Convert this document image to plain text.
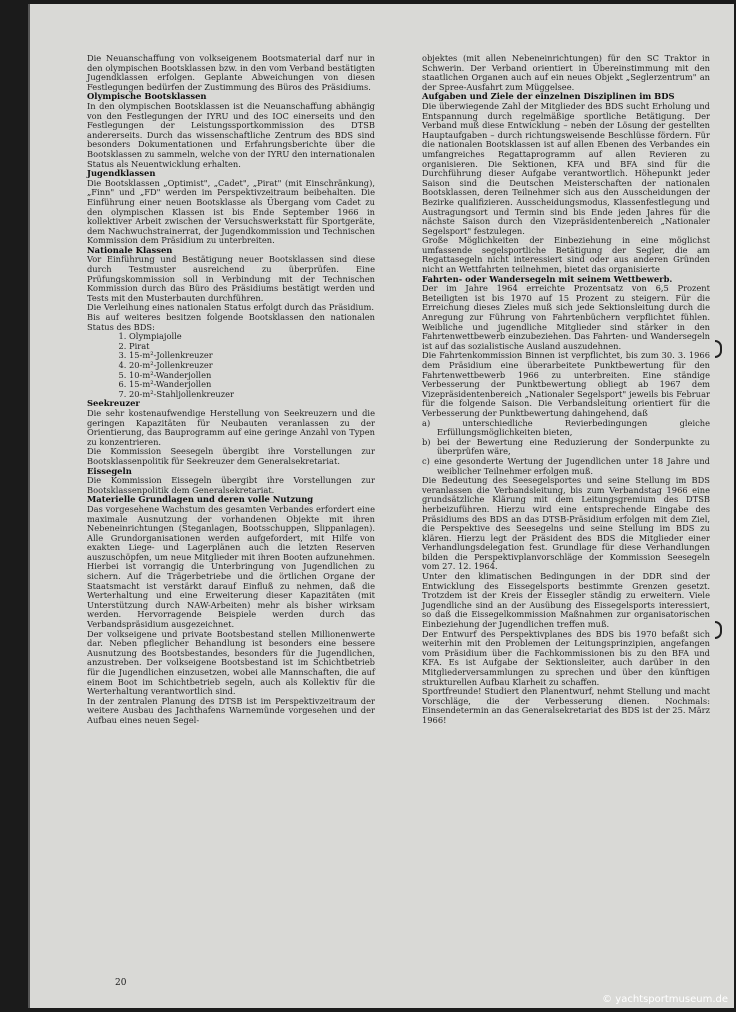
Die Neuanschaffung von volkseigenem Bootsmaterial darf nur in den olympischen Bootsklassen bzw. in den vom Verband bestätigten Jugendklassen erfolgen. Geplante Abweichungen von diesen Festlegungen bedürfen der Zustimmung des Büros des Präsidiums.

Olympische Bootsklassen

In den olympischen Bootsklassen ist die Neuanschaffung abhängig von den Festlegungen der IYRU und des IOC einerseits und den Festlegungen der Leistungssportkommission des DTSB andererseits. Durch das wissenschaftliche Zentrum des BDS sind besonders Dokumentationen und Erfahrungsberichte über die Bootsklassen zu sammeln, welche von der IYRU den internationalen Status als Neuentwicklung erhalten.

Jugendklassen

Die Bootsklassen „Optimist", „Cadet", „Pirat" (mit Einschränkung), „Finn" und „FD" werden im Perspektivzeitraum beibehalten. Die Einführung einer neuen Bootsklasse als Übergang vom Cadet zu den olympischen Klassen ist bis Ende September 1966 in kollektiver Arbeit zwischen der Versuchswerkstatt für Sportgeräte, dem Nachwuchstrainerrat, der Jugendkommission und Technischen Kommission dem Präsidium zu unterbreiten.

Nationale Klassen

Vor Einführung und Bestätigung neuer Bootsklassen sind diese durch Testmuster ausreichend zu überprüfen. Eine Prüfungskommission soll in Verbindung mit der Technischen Kommission durch das Büro des Präsidiums bestätigt werden und Tests mit den Musterbauten durchführen.

Die Verleihung eines nationalen Status erfolgt durch das Präsidium.

Bis auf weiteres besitzen folgende Bootsklassen den nationalen Status des BDS:

1. Olympiajolle
2. Pirat
3. 15-m²-Jollenkreuzer
4. 20-m²-Jollenkreuzer
5. 10-m²-Wanderjollen
6. 15-m²-Wanderjollen
7. 20-m²-Stahljollenkreuzer
Seekreuzer

Die sehr kostenaufwendige Herstellung von Seekreuzern und die geringen Kapazitäten für Neubauten veranlassen zu der Orientierung, das Bauprogramm auf eine geringe Anzahl von Typen zu konzentrieren.

Die Kommission Seesegeln übergibt ihre Vorstellungen zur Bootsklassenpolitik für Seekreuzer dem Generalsekretariat.

Eissegeln

Die Kommission Eissegeln übergibt ihre Vorstellungen zur Bootsklassenpolitik dem Generalsekretariat.

Materielle Grundlagen und deren volle Nutzung

Das vorgesehene Wachstum des gesamten Verbandes erfordert eine maximale Ausnutzung der vorhandenen Objekte mit ihren Nebeneinrichtungen (Steganlagen, Bootsschuppen, Slippanlagen). Alle Grundorganisationen werden aufgefordert, mit Hilfe von exakten Liege- und Lagerplänen auch die letzten Reserven auszuschöpfen, um neue Mitglieder mit ihren Booten aufzunehmen. Hierbei ist vorrangig die Unterbringung von Jugendlichen zu sichern. Auf die Trägerbetriebe und die örtlichen Organe der Staatsmacht ist verstärkt darauf Einfluß zu nehmen, daß die Werterhaltung und eine Erweiterung dieser Kapazitäten (mit Unterstützung durch NAW-Arbeiten) mehr als bisher wirksam werden. Hervorragende Beispiele werden durch das Verbandspräsidium ausgezeichnet.

Der volkseigene und private Bootsbestand stellen Millionenwerte dar. Neben pfleglicher Behandlung ist besonders eine bessere Ausnutzung des Bootsbestandes, besonders für die Jugendlichen, anzustreben. Der volkseigene Bootsbestand ist im Schichtbetrieb für die Jugendlichen einzusetzen, wobei alle Mannschaften, die auf einem Boot im Schichtbetrieb segeln, auch als Kollektiv für die Werterhaltung verantwortlich sind.

In der zentralen Planung des DTSB ist im Perspektivzeitraum der weitere Ausbau des Jachthafens Warnemünde vorgesehen und der Aufbau eines neuen Segel-

objektes (mit allen Nebeneinrichtungen) für den SC Traktor in Schwerin. Der Verband orientiert in Übereinstimmung mit den staatlichen Organen auch auf ein neues Objekt „Seglerzentrum" an der Spree-Ausfahrt zum Müggelsee.

Aufgaben und Ziele der einzelnen Disziplinen im BDS

Die überwiegende Zahl der Mitglieder des BDS sucht Erholung und Entspannung durch regelmäßige sportliche Betätigung. Der Verband muß diese Entwicklung – neben der Lösung der gestellten Hauptaufgaben – durch richtungsweisende Beschlüsse fördern. Für die nationalen Bootsklassen ist auf allen Ebenen des Verbandes ein umfangreiches Regattaprogramm auf allen Revieren zu organisieren. Die Sektionen, KFA und BFA sind für die Durchführung dieser Aufgabe verantwortlich. Höhepunkt jeder Saison sind die Deutschen Meisterschaften der nationalen Bootsklassen, deren Teilnehmer sich aus den Ausscheidungen der Bezirke qualifizieren. Ausscheidungsmodus, Klassenfestlegung und Austragungsort und Termin sind bis Ende jeden Jahres für die nächste Saison durch den Vizepräsidentenbereich „Nationaler Segelsport" festzulegen.

Große Möglichkeiten der Einbeziehung in eine möglichst umfassende segelsportliche Betätigung der Segler, die am Regattasegeln nicht interessiert sind oder aus anderen Gründen nicht an Wettfahrten teilnehmen, bietet das organisierte

Fahrten- oder Wandersegeln mit seinem Wettbewerb.

Der im Jahre 1964 erreichte Prozentsatz von 6,5 Prozent Beteiligten ist bis 1970 auf 15 Prozent zu steigern. Für die Erreichung dieses Zieles muß sich jede Sektionsleitung durch die Anregung zur Führung von Fahrtenbüchern verpflichtet fühlen. Weibliche und jugendliche Mitglieder sind stärker in den Fahrtenwettbewerb einzubeziehen. Das Fahrten- und Wandersegeln ist auf das sozialistische Ausland auszudehnen.

Die Fahrtenkommission Binnen ist verpflichtet, bis zum 30. 3. 1966 dem Präsidium eine überarbeitete Punktbewertung für den Fahrtenwettbewerb 1966 zu unterbreiten. Eine ständige Verbesserung der Punktbewertung obliegt ab 1967 dem Vizepräsidentenbereich „Nationaler Segelsport" jeweils bis Februar für die folgende Saison. Die Verbandsleitung orientiert für die Verbesserung der Punktbewertung dahingehend, daß

a) unterschiedliche Revierbedingungen gleiche Erfüllungsmöglichkeiten bieten,
b) bei der Bewertung eine Reduzierung der Sonderpunkte zu überprüfen wäre,
c) eine gesonderte Wertung der Jugendlichen unter 18 Jahre und weiblicher Teilnehmer erfolgen muß.

Die Bedeutung des Seesegelsportes und seine Stellung im BDS veranlassen die Verbandsleitung, bis zum Verbandstag 1966 eine grundsätzliche Klärung mit dem Leitungsgremium des DTSB herbeizuführen. Hierzu wird eine entsprechende Eingabe des Präsidiums des BDS an das DTSB-Präsidium erfolgen mit dem Ziel, die Perspektive des Seesegelns und seine Stellung im BDS zu klären. Hierzu legt der Präsident des BDS die Mitglieder einer Verhandlungsdelegation fest. Grundlage für diese Verhandlungen bilden die Perspektivplanvorschläge der Kommission Seesegeln vom 27. 12. 1964.

Unter den klimatischen Bedingungen in der DDR sind der Entwicklung des Eissegelsports bestimmte Grenzen gesetzt. Trotzdem ist der Kreis der Eissegler ständig zu erweitern. Viele Jugendliche sind an der Ausübung des Eissegelsports interessiert, so daß die Eissegelkommission Maßnahmen zur organisatorischen Einbeziehung der Jugendlichen treffen muß.

Der Entwurf des Perspektivplanes des BDS bis 1970 befaßt sich weiterhin mit den Problemen der Leitungsprinzipien, angefangen vom Präsidium über die Fachkommissionen bis zu den BFA und KFA. Es ist Aufgabe der Sektionsleiter, auch darüber in den Mitgliederversammlungen zu sprechen und über den künftigen strukturellen Aufbau Klarheit zu schaffen.

Sportfreunde! Studiert den Planentwurf, nehmt Stellung und macht Vorschläge, die der Verbesserung dienen. Nochmals: Einsendetermin an das Generalsekretariat des BDS ist der 25. März 1966!

20
© yachtsportmuseum.de
